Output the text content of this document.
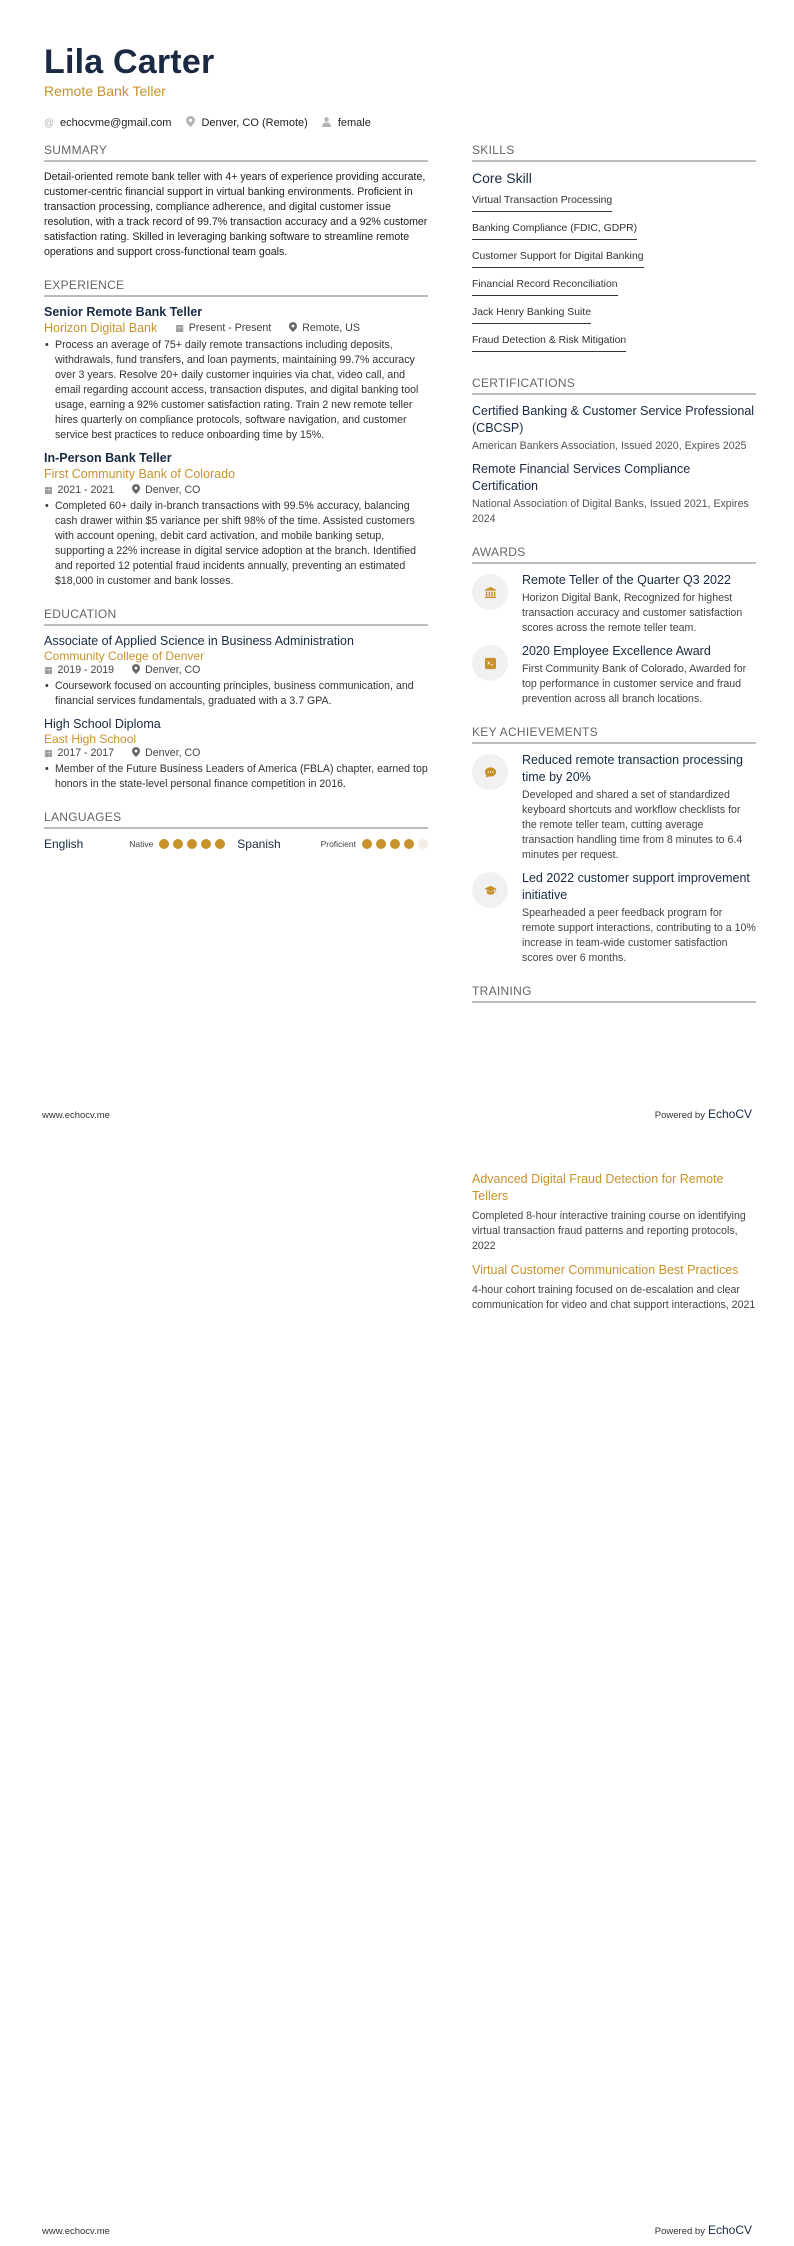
Lila Carter
Remote Bank Teller
@ echocvme@gmail.com	Denver, CO (Remote)	female
SUMMARY

Detail-oriented remote bank teller with 4+ years of experience providing accurate, customer-centric financial support in virtual banking environments. Proficient in transaction processing, compliance adherence, and digital customer issue resolution, with a track record of 99.7% transaction accuracy and a 92% customer satisfaction rating. Skilled in leveraging banking software to streamline remote operations and support cross-functional team goals.

EXPERIENCE
Senior Remote Bank Teller
Horizon Digital Bank ▦ Present - Present	Remote, US
• Process an average of 75+ daily remote transactions including deposits, withdrawals, fund transfers, and loan payments, maintaining 99.7% accuracy over 3 years. Resolve 20+ daily customer inquiries via chat, video call, and email regarding account access, transaction disputes, and digital banking tool usage, earning a 92% customer satisfaction rating. Train 2 new remote teller hires quarterly on compliance protocols, software navigation, and customer service best practices to reduce onboarding time by 15%.
In-Person Bank Teller
First Community Bank of Colorado
▦ 2021 - 2021	Denver, CO
• Completed 60+ daily in-branch transactions with 99.5% accuracy, balancing cash drawer within $5 variance per shift 98% of the time. Assisted customers with account opening, debit card activation, and mobile banking setup, supporting a 22% increase in digital service adoption at the branch. Identified and reported 12 potential fraud incidents annually, preventing an estimated $18,000 in customer and bank losses.
EDUCATION
Associate of Applied Science in Business Administration
Community College of Denver
▦ 2019 - 2019	Denver, CO
• Coursework focused on accounting principles, business communication, and financial services fundamentals, graduated with a 3.7 GPA.
High School Diploma
East High School
▦ 2017 - 2017	Denver, CO
• Member of the Future Business Leaders of America (FBLA) chapter, earned top honors in the state-level personal finance competition in 2016.
LANGUAGES
English	Native	Spanish	Proficient
SKILLS
Core Skill
Virtual Transaction Processing
Banking Compliance (FDIC, GDPR)
Customer Support for Digital Banking
Financial Record Reconciliation
Jack Henry Banking Suite
Fraud Detection & Risk Mitigation
CERTIFICATIONS
Certified Banking & Customer Service Professional (CBCSP)
American Bankers Association, Issued 2020, Expires 2025
Remote Financial Services Compliance Certification
National Association of Digital Banks, Issued 2021, Expires 2024
AWARDS
Remote Teller of the Quarter Q3 2022
Horizon Digital Bank, Recognized for highest transaction accuracy and customer satisfaction scores across the remote teller team.
2020 Employee Excellence Award
First Community Bank of Colorado, Awarded for top performance in customer service and fraud prevention across all branch locations.
KEY ACHIEVEMENTS
Reduced remote transaction processing time by 20%
Developed and shared a set of standardized keyboard shortcuts and workflow checklists for the remote teller team, cutting average transaction handling time from 8 minutes to 6.4 minutes per request.
Led 2022 customer support improvement initiative
Spearheaded a peer feedback program for remote support interactions, contributing to a 10% increase in team-wide customer satisfaction scores over 6 months.
TRAINING
www.echocv.me	Powered by EchoCV
Advanced Digital Fraud Detection for Remote Tellers
Completed 8-hour interactive training course on identifying virtual transaction fraud patterns and reporting protocols, 2022
Virtual Customer Communication Best Practices
4-hour cohort training focused on de-escalation and clear communication for video and chat support interactions, 2021
www.echocv.me	Powered by EchoCV
